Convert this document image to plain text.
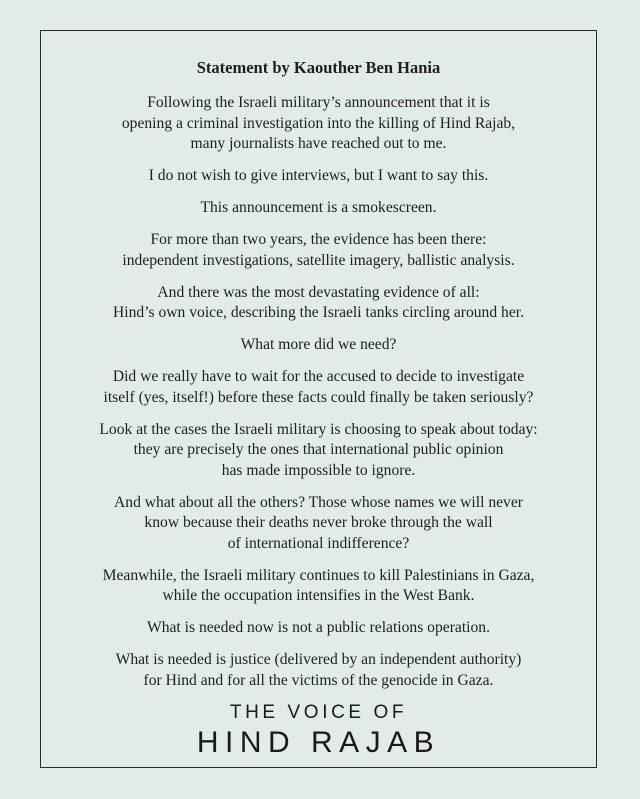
Statement by Kaouther Ben Hania

Following the Israeli military’s announcement that it is
opening a criminal investigation into the killing of Hind Rajab,
many journalists have reached out to me.

I do not wish to give interviews, but I want to say this.

This announcement is a smokescreen.

For more than two years, the evidence has been there:
independent investigations, satellite imagery, ballistic analysis.

And there was the most devastating evidence of all:
Hind’s own voice, describing the Israeli tanks circling around her.

What more did we need?

Did we really have to wait for the accused to decide to investigate
itself (yes, itself!) before these facts could finally be taken seriously?

Look at the cases the Israeli military is choosing to speak about today:
they are precisely the ones that international public opinion
has made impossible to ignore.

And what about all the others? Those whose names we will never
know because their deaths never broke through the wall
of international indifference?

Meanwhile, the Israeli military continues to kill Palestinians in Gaza,
while the occupation intensifies in the West Bank.

What is needed now is not a public relations operation.

What is needed is justice (delivered by an independent authority)
for Hind and for all the victims of the genocide in Gaza.

THE VOICE OF
HIND RAJAB
